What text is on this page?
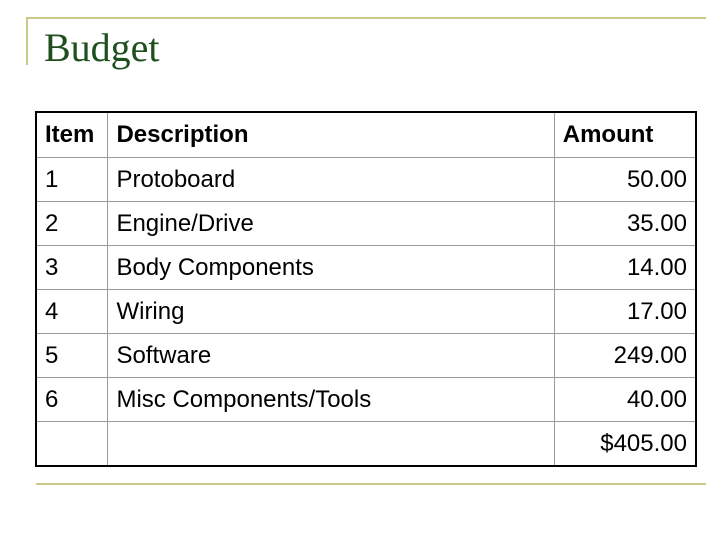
Budget
Item	Description	Amount
1	Protoboard	50.00
2	Engine/Drive	35.00
3	Body Components	14.00
4	Wiring	17.00
5	Software	249.00
6	Misc Components/Tools	40.00
		$405.00
